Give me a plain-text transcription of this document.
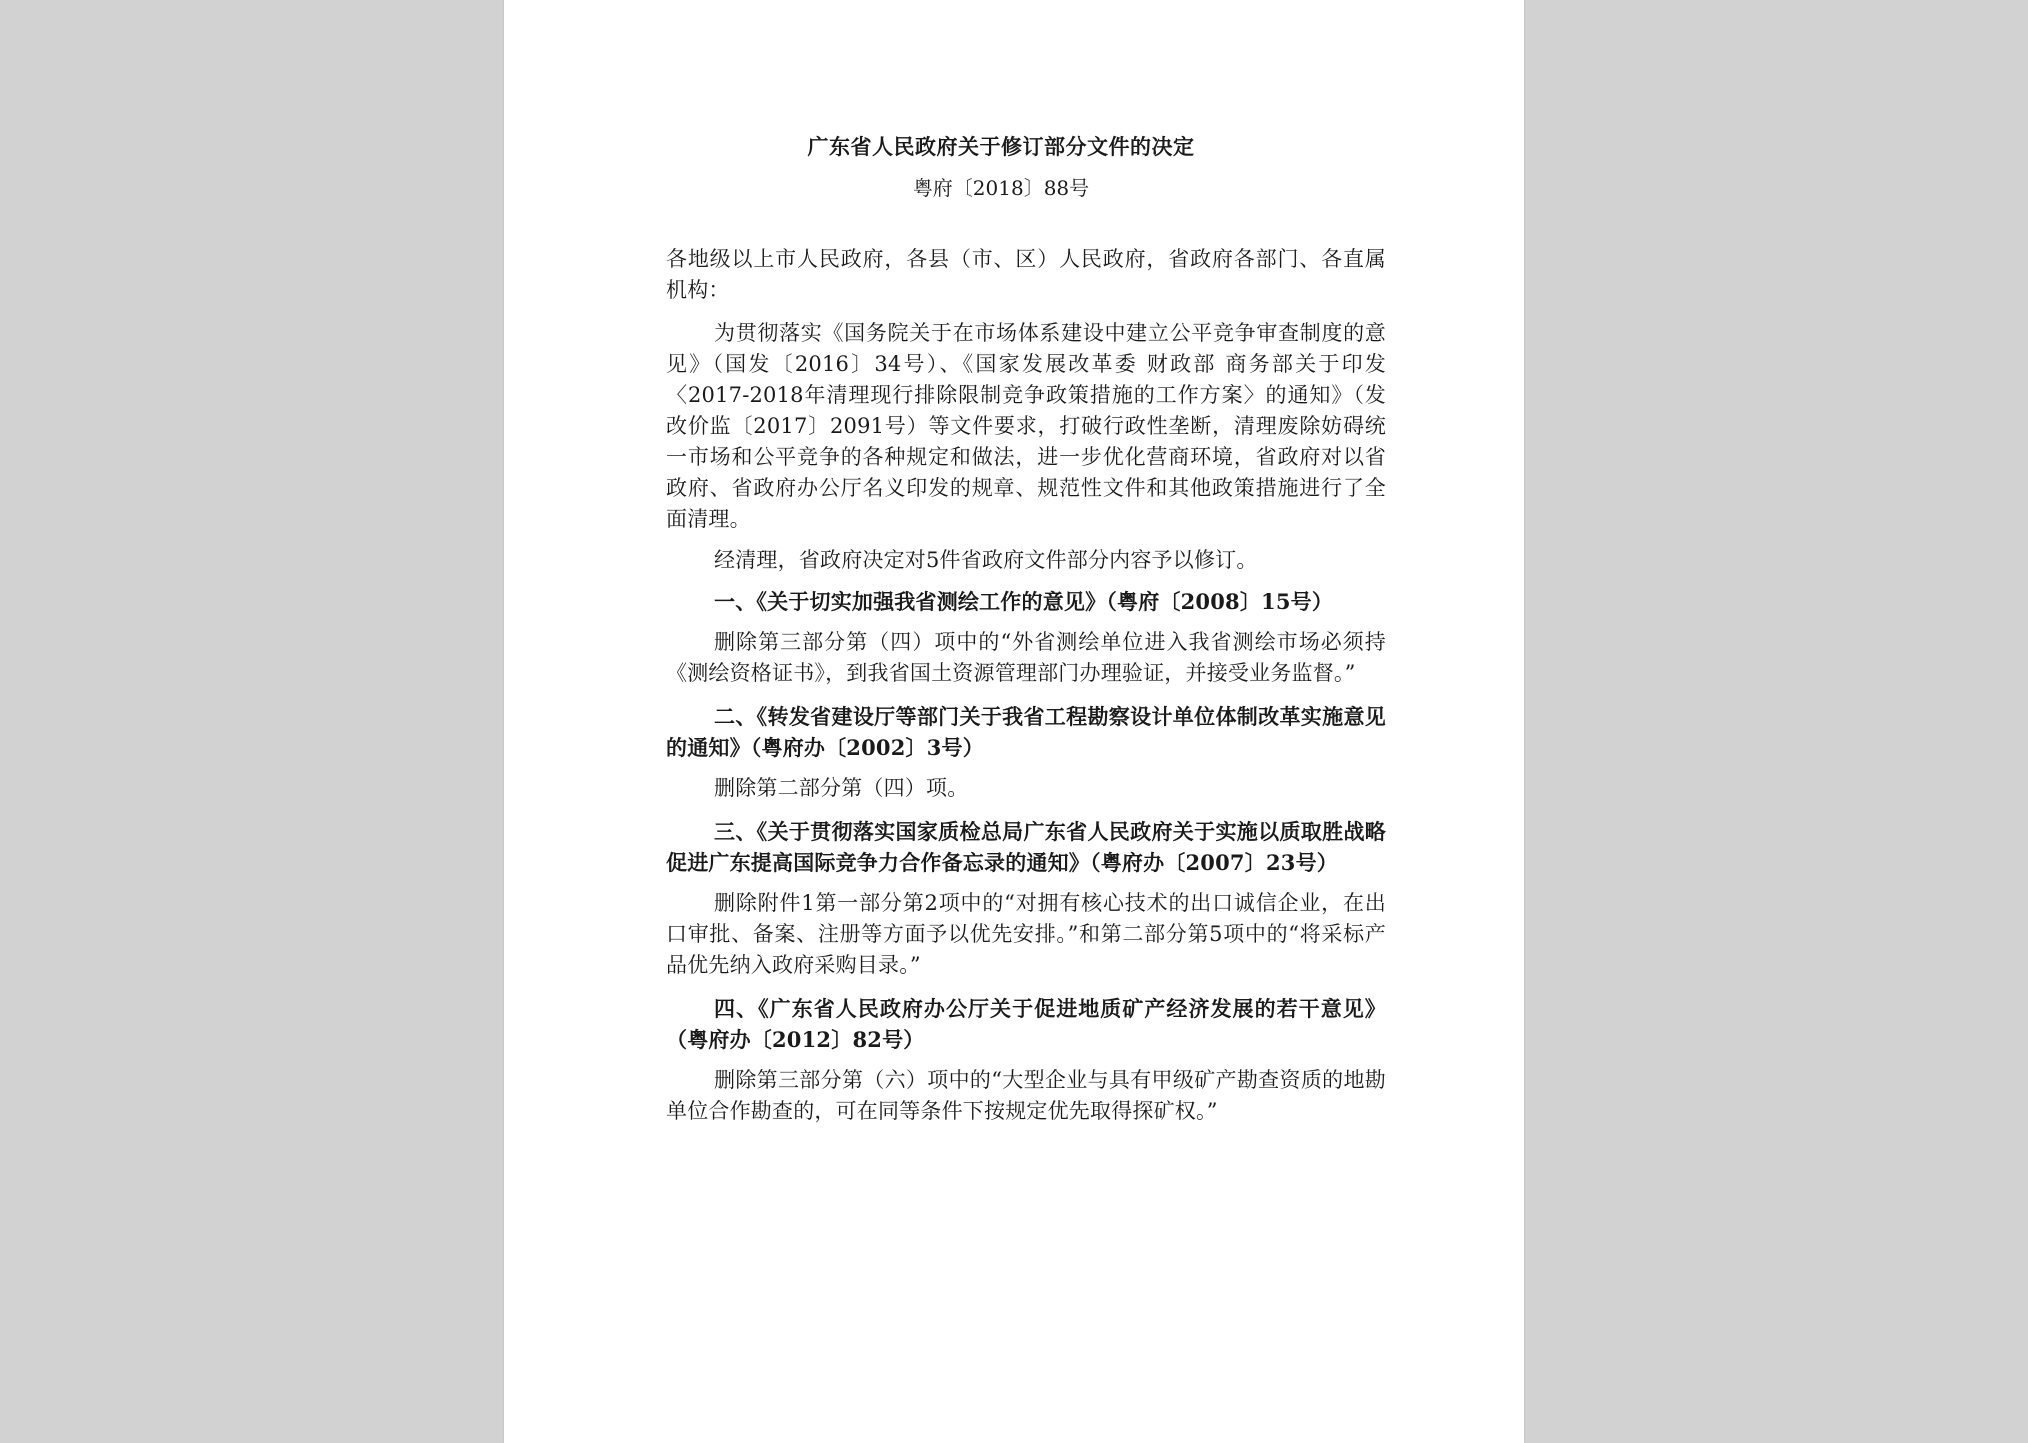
广东省人民政府关于修订部分文件的决定
粤府〔2018〕88号

各地级以上市人民政府，各县（市、区）人民政府，省政府各部门、各直属机构：

为贯彻落实《国务院关于在市场体系建设中建立公平竞争审查制度的意见》（国发〔2016〕34号）、《国家发展改革委 财政部 商务部关于印发〈2017-2018年清理现行排除限制竞争政策措施的工作方案〉的通知》（发改价监〔2017〕2091号）等文件要求，打破行政性垄断，清理废除妨碍统一市场和公平竞争的各种规定和做法，进一步优化营商环境，省政府对以省政府、省政府办公厅名义印发的规章、规范性文件和其他政策措施进行了全面清理。

经清理，省政府决定对5件省政府文件部分内容予以修订。

一、《关于切实加强我省测绘工作的意见》（粤府〔2008〕15号）

删除第三部分第（四）项中的“外省测绘单位进入我省测绘市场必须持《测绘资格证书》，到我省国土资源管理部门办理验证，并接受业务监督。”

二、《转发省建设厅等部门关于我省工程勘察设计单位体制改革实施意见的通知》（粤府办〔2002〕3号）

删除第二部分第（四）项。

三、《关于贯彻落实国家质检总局广东省人民政府关于实施以质取胜战略促进广东提高国际竞争力合作备忘录的通知》（粤府办〔2007〕23号）

删除附件1第一部分第2项中的“对拥有核心技术的出口诚信企业，在出口审批、备案、注册等方面予以优先安排。”和第二部分第5项中的“将采标产品优先纳入政府采购目录。”

四、《广东省人民政府办公厅关于促进地质矿产经济发展的若干意见》（粤府办〔2012〕82号）

删除第三部分第（六）项中的“大型企业与具有甲级矿产勘查资质的地勘单位合作勘查的，可在同等条件下按规定优先取得探矿权。”
